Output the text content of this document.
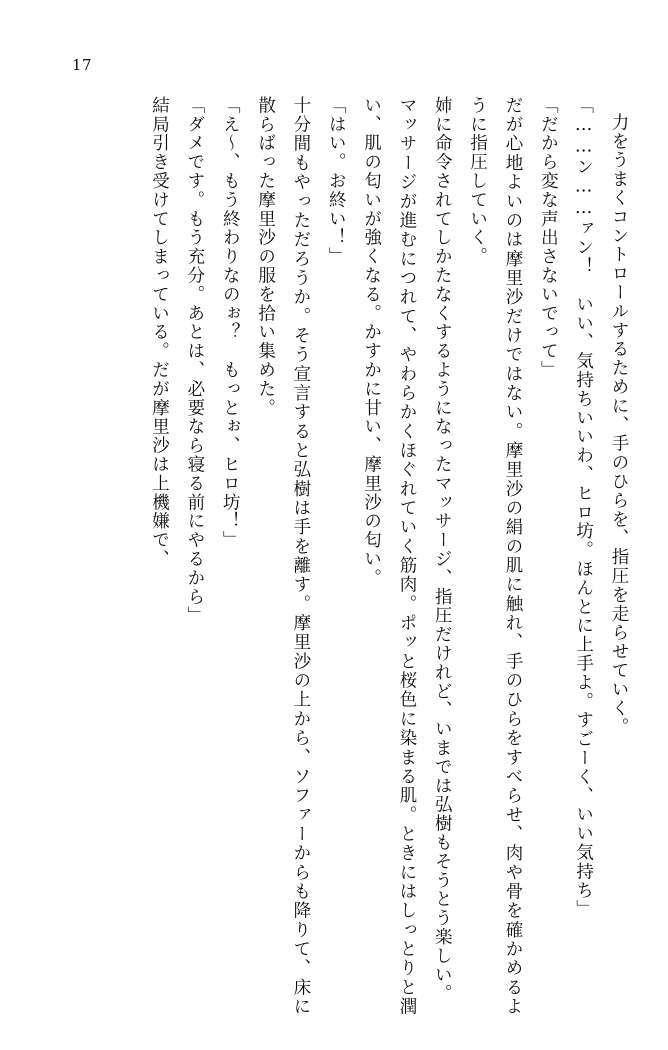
17

力をうまくコントロールするために、手のひらを、指圧を走らせていく。

「……ン……ァン！　いい、気持ちいいわ、ヒロ坊。ほんとに上手よ。すごーく、いい気持ち」

「だから変な声出さないでって」

だが心地よいのは摩里沙だけではない。摩里沙の絹の肌に触れ、手のひらをすべらせ、肉や骨を確かめるように指圧していく。

姉に命令されてしかたなくするようになったマッサージ、指圧だけれど、いまでは弘樹もそうとう楽しい。

マッサージが進むにつれて、やわらかくほぐれていく筋肉。ポッと桜色に染まる肌。ときにはしっとりと潤い、肌の匂いが強くなる。かすかに甘い、摩里沙の匂い。

「はい。お終い！」

十分間もやっただろうか。そう宣言すると弘樹は手を離す。摩里沙の上から、ソファーからも降りて、床に散らばった摩里沙の服を拾い集めた。

「え～、もう終わりなのぉ？　もっとぉ、ヒロ坊！」

「ダメです。もう充分。あとは、必要なら寝る前にやるから」

結局引き受けてしまっている。だが摩里沙は上機嫌で、
